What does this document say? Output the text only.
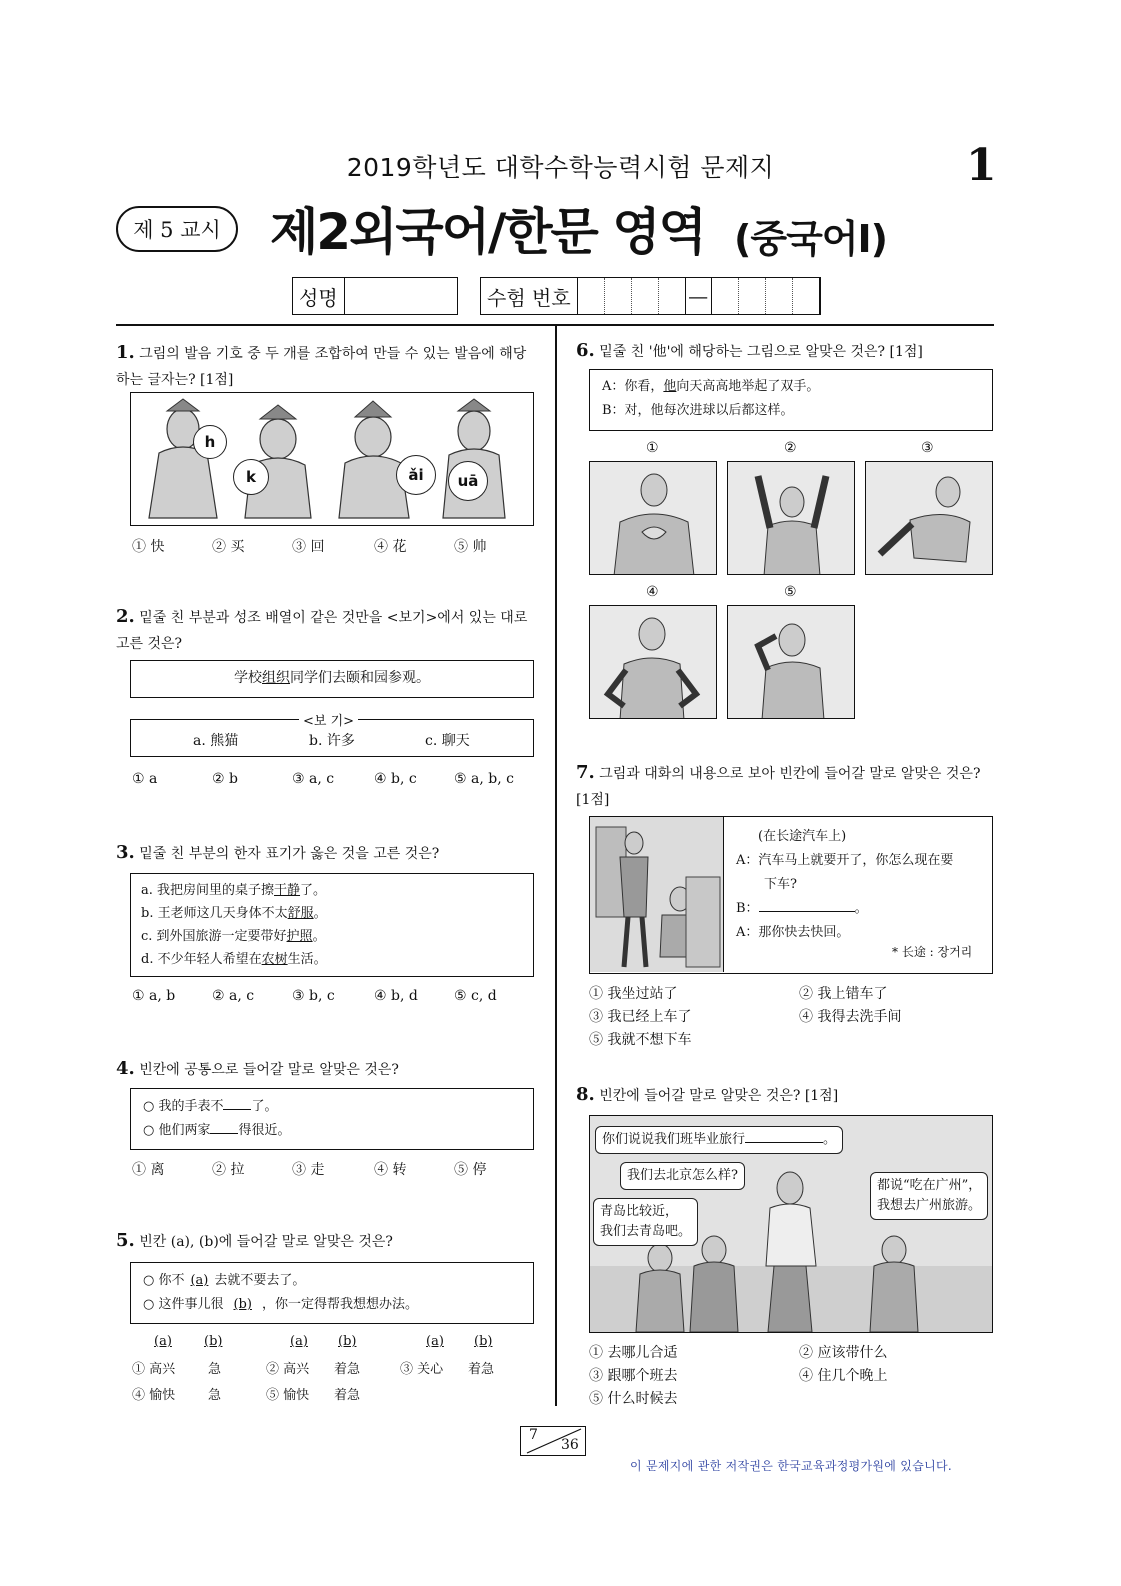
2019학년도 대학수학능력시험 문제지	1
제 5 교시 제2외국어/한문 영역 (중국어Ⅰ)
성명	수험 번호	—
1. 그림의 발음 기호 중 두 개를 조합하여 만들 수 있는 발음에 해당하는 글자는? [1점]
h
k	ǎi	uā
① 快	② 买	③ 回	④ 花	⑤ 帅
2. 밑줄 친 부분과 성조 배열이 같은 것만을 <보기>에서 있는 대로 고른 것은?
学校组织同学们去颐和园参观。
<보 기>
a. 熊猫	b. 许多	c. 聊天
① a	② b	③ a, c	④ b, c	⑤ a, b, c
3. 밑줄 친 부분의 한자 표기가 옳은 것을 고른 것은?
a. 我把房间里的桌子擦干静了。
b. 王老师这几天身体不太舒服。
c. 到外国旅游一定要带好护照。
d. 不少年轻人希望在农树生活。
① a, b	② a, c	③ b, c	④ b, d	⑤ c, d
4. 빈칸에 공통으로 들어갈 말로 알맞은 것은?
○ 我的手表不 了。
○ 他们两家 得很近。
① 离	② 拉	③ 走	④ 转	⑤ 停
5. 빈칸 (a), (b)에 들어갈 말로 알맞은 것은?
○ 你不 (a) 去就不要去了。
○ 这件事儿很 (b) ，你一定得帮我想想办法。
(a) (b)	(a) (b)	(a) (b)
① 高兴	急	② 高兴 着急	③ 关心 着急
④ 愉快	急	⑤ 愉快 着急
6. 밑줄 친 '他'에 해당하는 그림으로 알맞은 것은? [1점]
A：你看，他向天高高地举起了双手。
B：对，他每次进球以后都这样。
①	②	③
④	⑤
7. 그림과 대화의 내용으로 보아 빈칸에 들어갈 말로 알맞은 것은? [1점]
(在长途汽车上)
A：汽车马上就要开了，你怎么现在要
下车?
B：	。
A：那你快去快回。
* 长途 : 장거리
① 我坐过站了	② 我上错车了
③ 我已经上车了	④ 我得去洗手间
⑤ 我就不想下车
8. 빈칸에 들어갈 말로 알맞은 것은? [1점]
你们说说我们班毕业旅行	。
我们去北京怎么样?
青岛比较近，
我们去青岛吧。
都说“吃在广州”，
我想去广州旅游。
① 去哪儿合适	② 应该带什么
③ 跟哪个班去	④ 住几个晚上
⑤ 什么时候去
7
36
이 문제지에 관한 저작권은 한국교육과정평가원에 있습니다.
